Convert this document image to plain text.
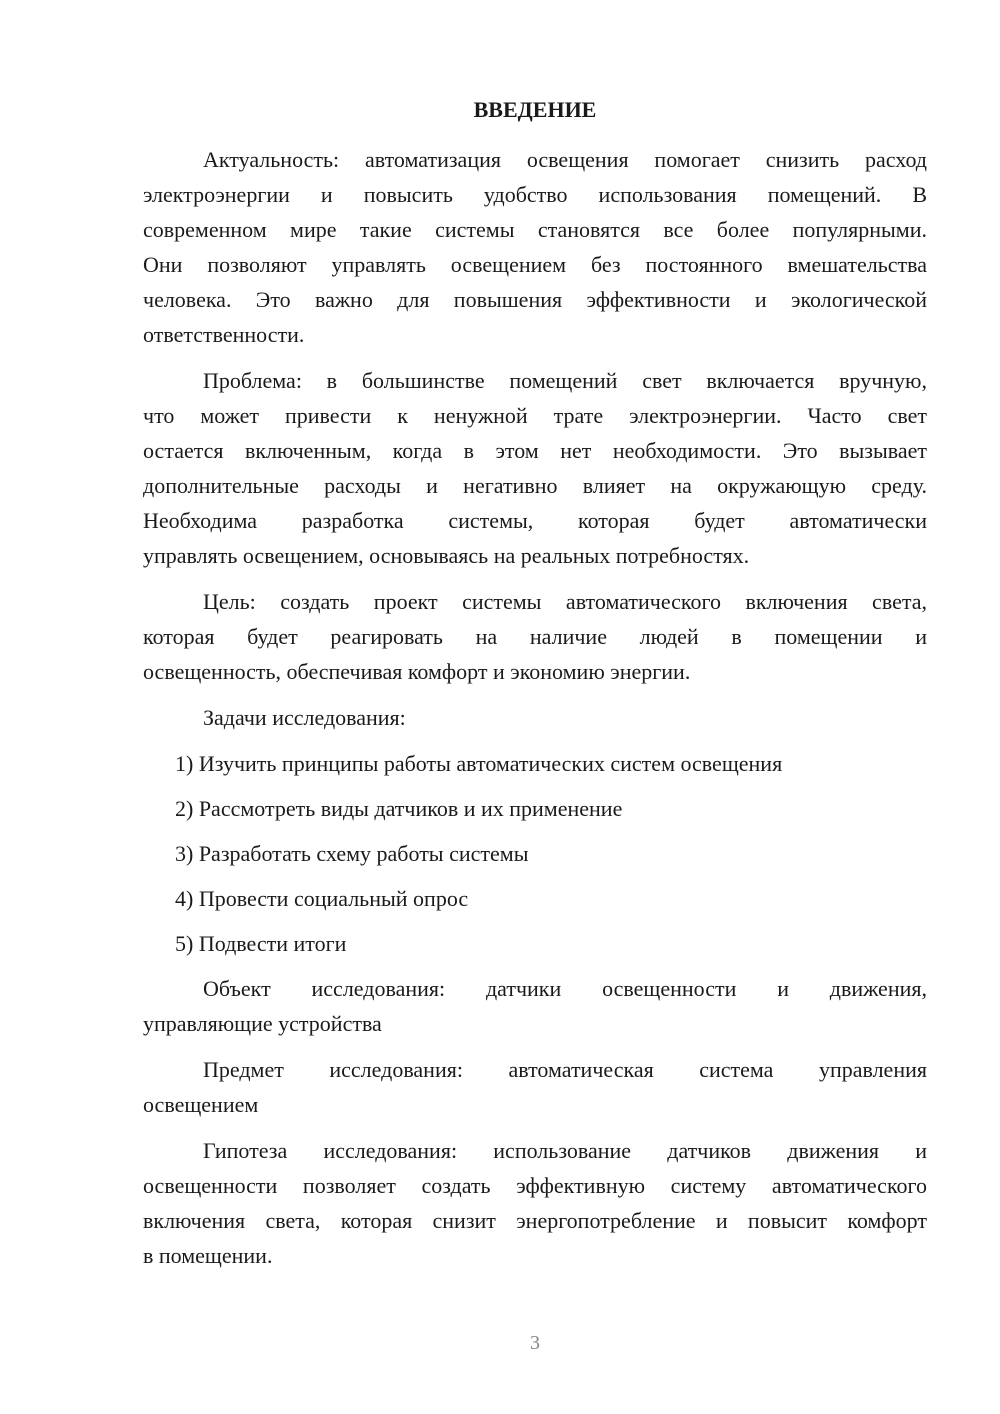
ВВЕДЕНИЕ
Актуальность: автоматизация освещения помогает снизить расход
электроэнергии и повысить удобство использования помещений. В
современном мире такие системы становятся все более популярными.
Они позволяют управлять освещением без постоянного вмешательства
человека. Это важно для повышения эффективности и экологической
ответственности.
Проблема: в большинстве помещений свет включается вручную,
что может привести к ненужной трате электроэнергии. Часто свет
остается включенным, когда в этом нет необходимости. Это вызывает
дополнительные расходы и негативно влияет на окружающую среду.
Необходима разработка системы, которая будет автоматически
управлять освещением, основываясь на реальных потребностях.
Цель: создать проект системы автоматического включения света,
которая будет реагировать на наличие людей в помещении и
освещенность, обеспечивая комфорт и экономию энергии.
Задачи исследования:
1) Изучить принципы работы автоматических систем освещения
2) Рассмотреть виды датчиков и их применение
3) Разработать схему работы системы
4) Провести социальный опрос
5) Подвести итоги
Объект исследования: датчики освещенности и движения,
управляющие устройства
Предмет исследования: автоматическая система управления
освещением
Гипотеза исследования: использование датчиков движения и
освещенности позволяет создать эффективную систему автоматического
включения света, которая снизит энергопотребление и повысит комфорт
в помещении.
3
